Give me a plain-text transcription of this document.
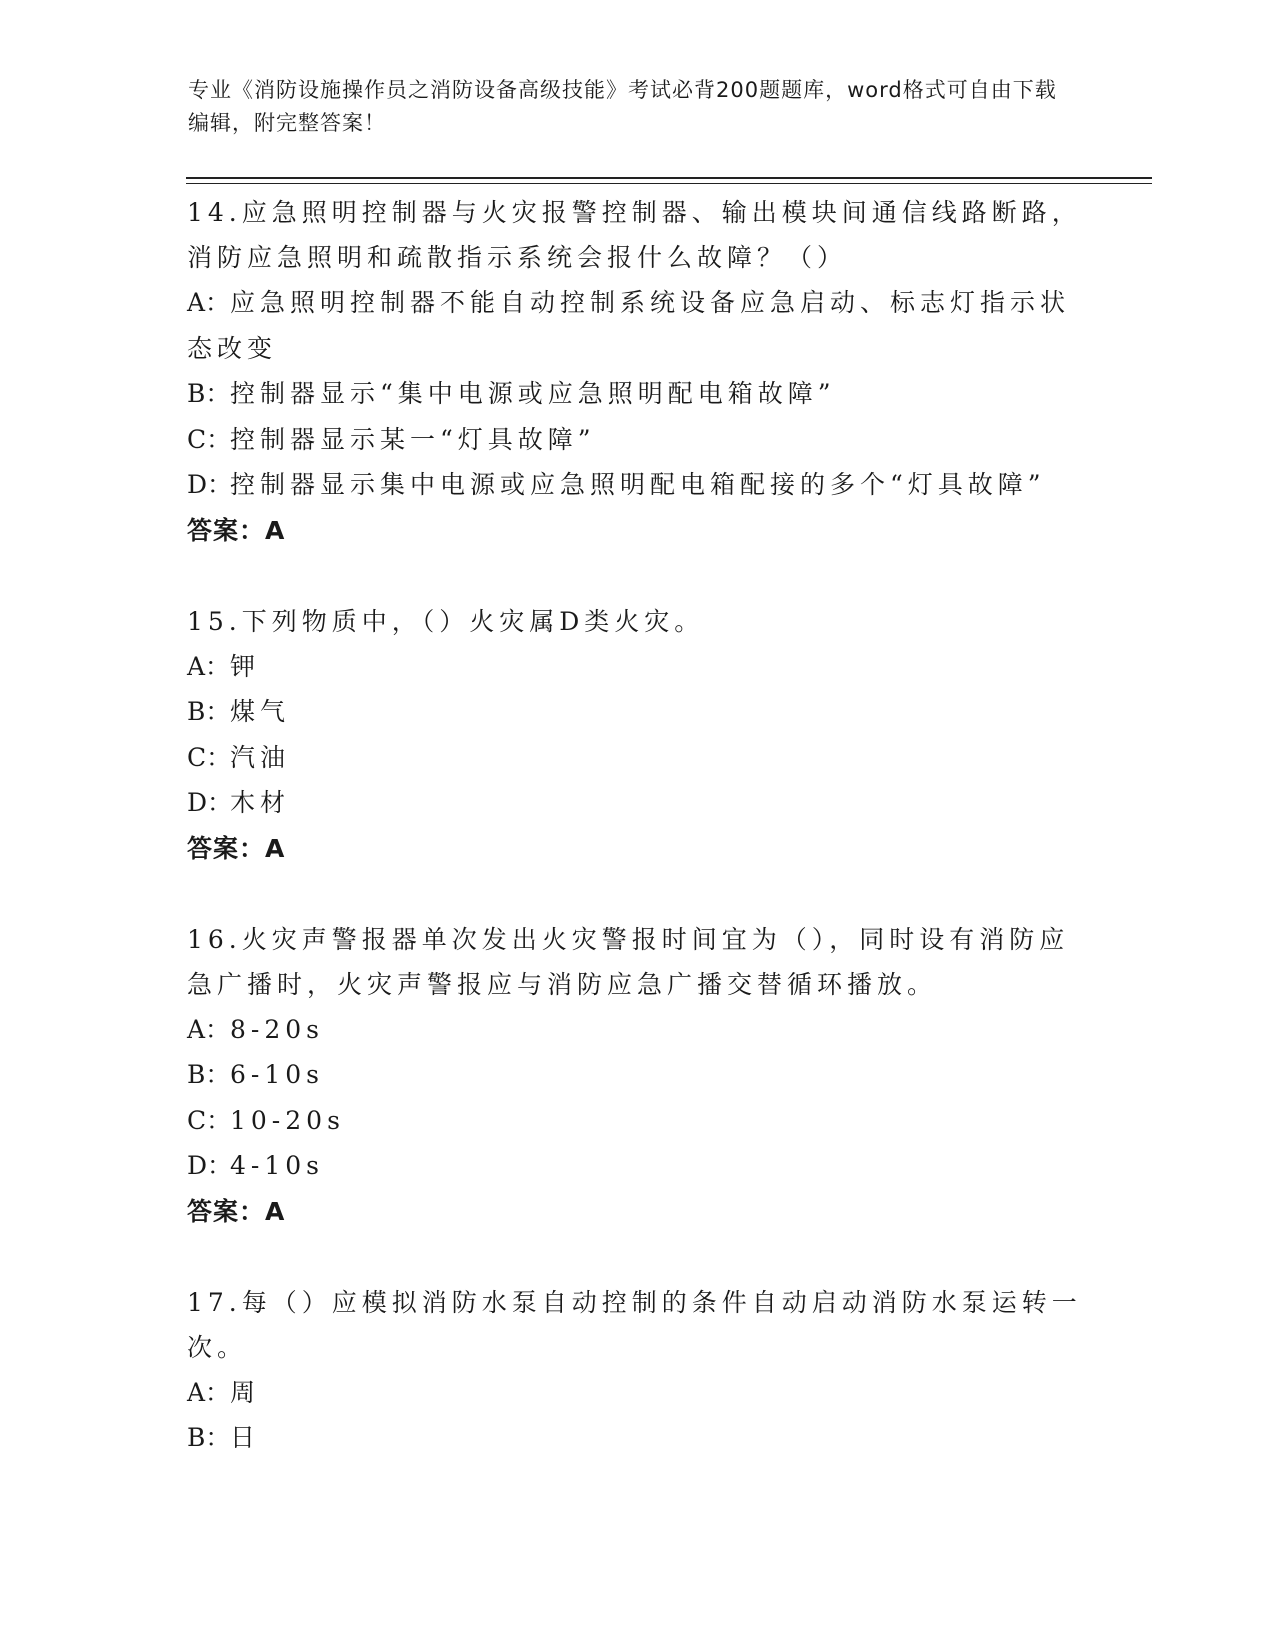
专业《消防设施操作员之消防设备高级技能》考试必背200题题库，word格式可自由下载编辑，附完整答案！
14.应急照明控制器与火灾报警控制器、输出模块间通信线路断路，消防应急照明和疏散指示系统会报什么故障？（）
A：应急照明控制器不能自动控制系统设备应急启动、标志灯指示状态改变
B：控制器显示“集中电源或应急照明配电箱故障”
C：控制器显示某一“灯具故障”
D：控制器显示集中电源或应急照明配电箱配接的多个“灯具故障”
答案：A
15.下列物质中，（）火灾属D类火灾。
A：钾
B：煤气
C：汽油
D：木材
答案：A
16.火灾声警报器单次发出火灾警报时间宜为（），同时设有消防应急广播时，火灾声警报应与消防应急广播交替循环播放。
A：8-20s
B：6-10s
C：10-20s
D：4-10s
答案：A
17.每（）应模拟消防水泵自动控制的条件自动启动消防水泵运转一次。
A：周
B：日
